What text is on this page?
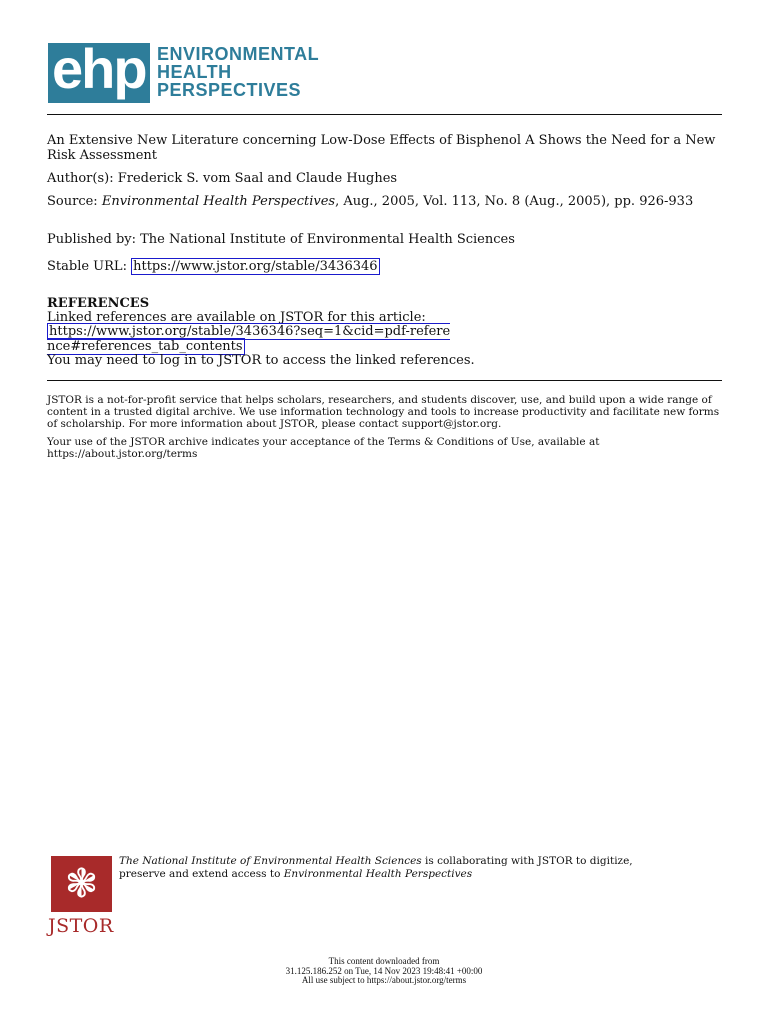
ehp ENVIRONMENTAL
HEALTH
PERSPECTIVES
An Extensive New Literature concerning Low-Dose Effects of Bisphenol A Shows the Need for a New Risk Assessment
Author(s): Frederick S. vom Saal and Claude Hughes
Source: Environmental Health Perspectives, Aug., 2005, Vol. 113, No. 8 (Aug., 2005), pp. 926-933
Published by: The National Institute of Environmental Health Sciences
Stable URL: https://www.jstor.org/stable/3436346
REFERENCES
Linked references are available on JSTOR for this article:
https://www.jstor.org/stable/3436346?seq=1&cid=pdf-reference#references_tab_contents
You may need to log in to JSTOR to access the linked references.
JSTOR is a not-for-profit service that helps scholars, researchers, and students discover, use, and build upon a wide range of content in a trusted digital archive. We use information technology and tools to increase productivity and facilitate new forms of scholarship. For more information about JSTOR, please contact support@jstor.org.
Your use of the JSTOR archive indicates your acceptance of the Terms & Conditions of Use, available at https://about.jstor.org/terms
❃
JSTOR
The National Institute of Environmental Health Sciences is collaborating with JSTOR to digitize, preserve and extend access to Environmental Health Perspectives
This content downloaded from
31.125.186.252 on Tue, 14 Nov 2023 19:48:41 +00:00
All use subject to https://about.jstor.org/terms
